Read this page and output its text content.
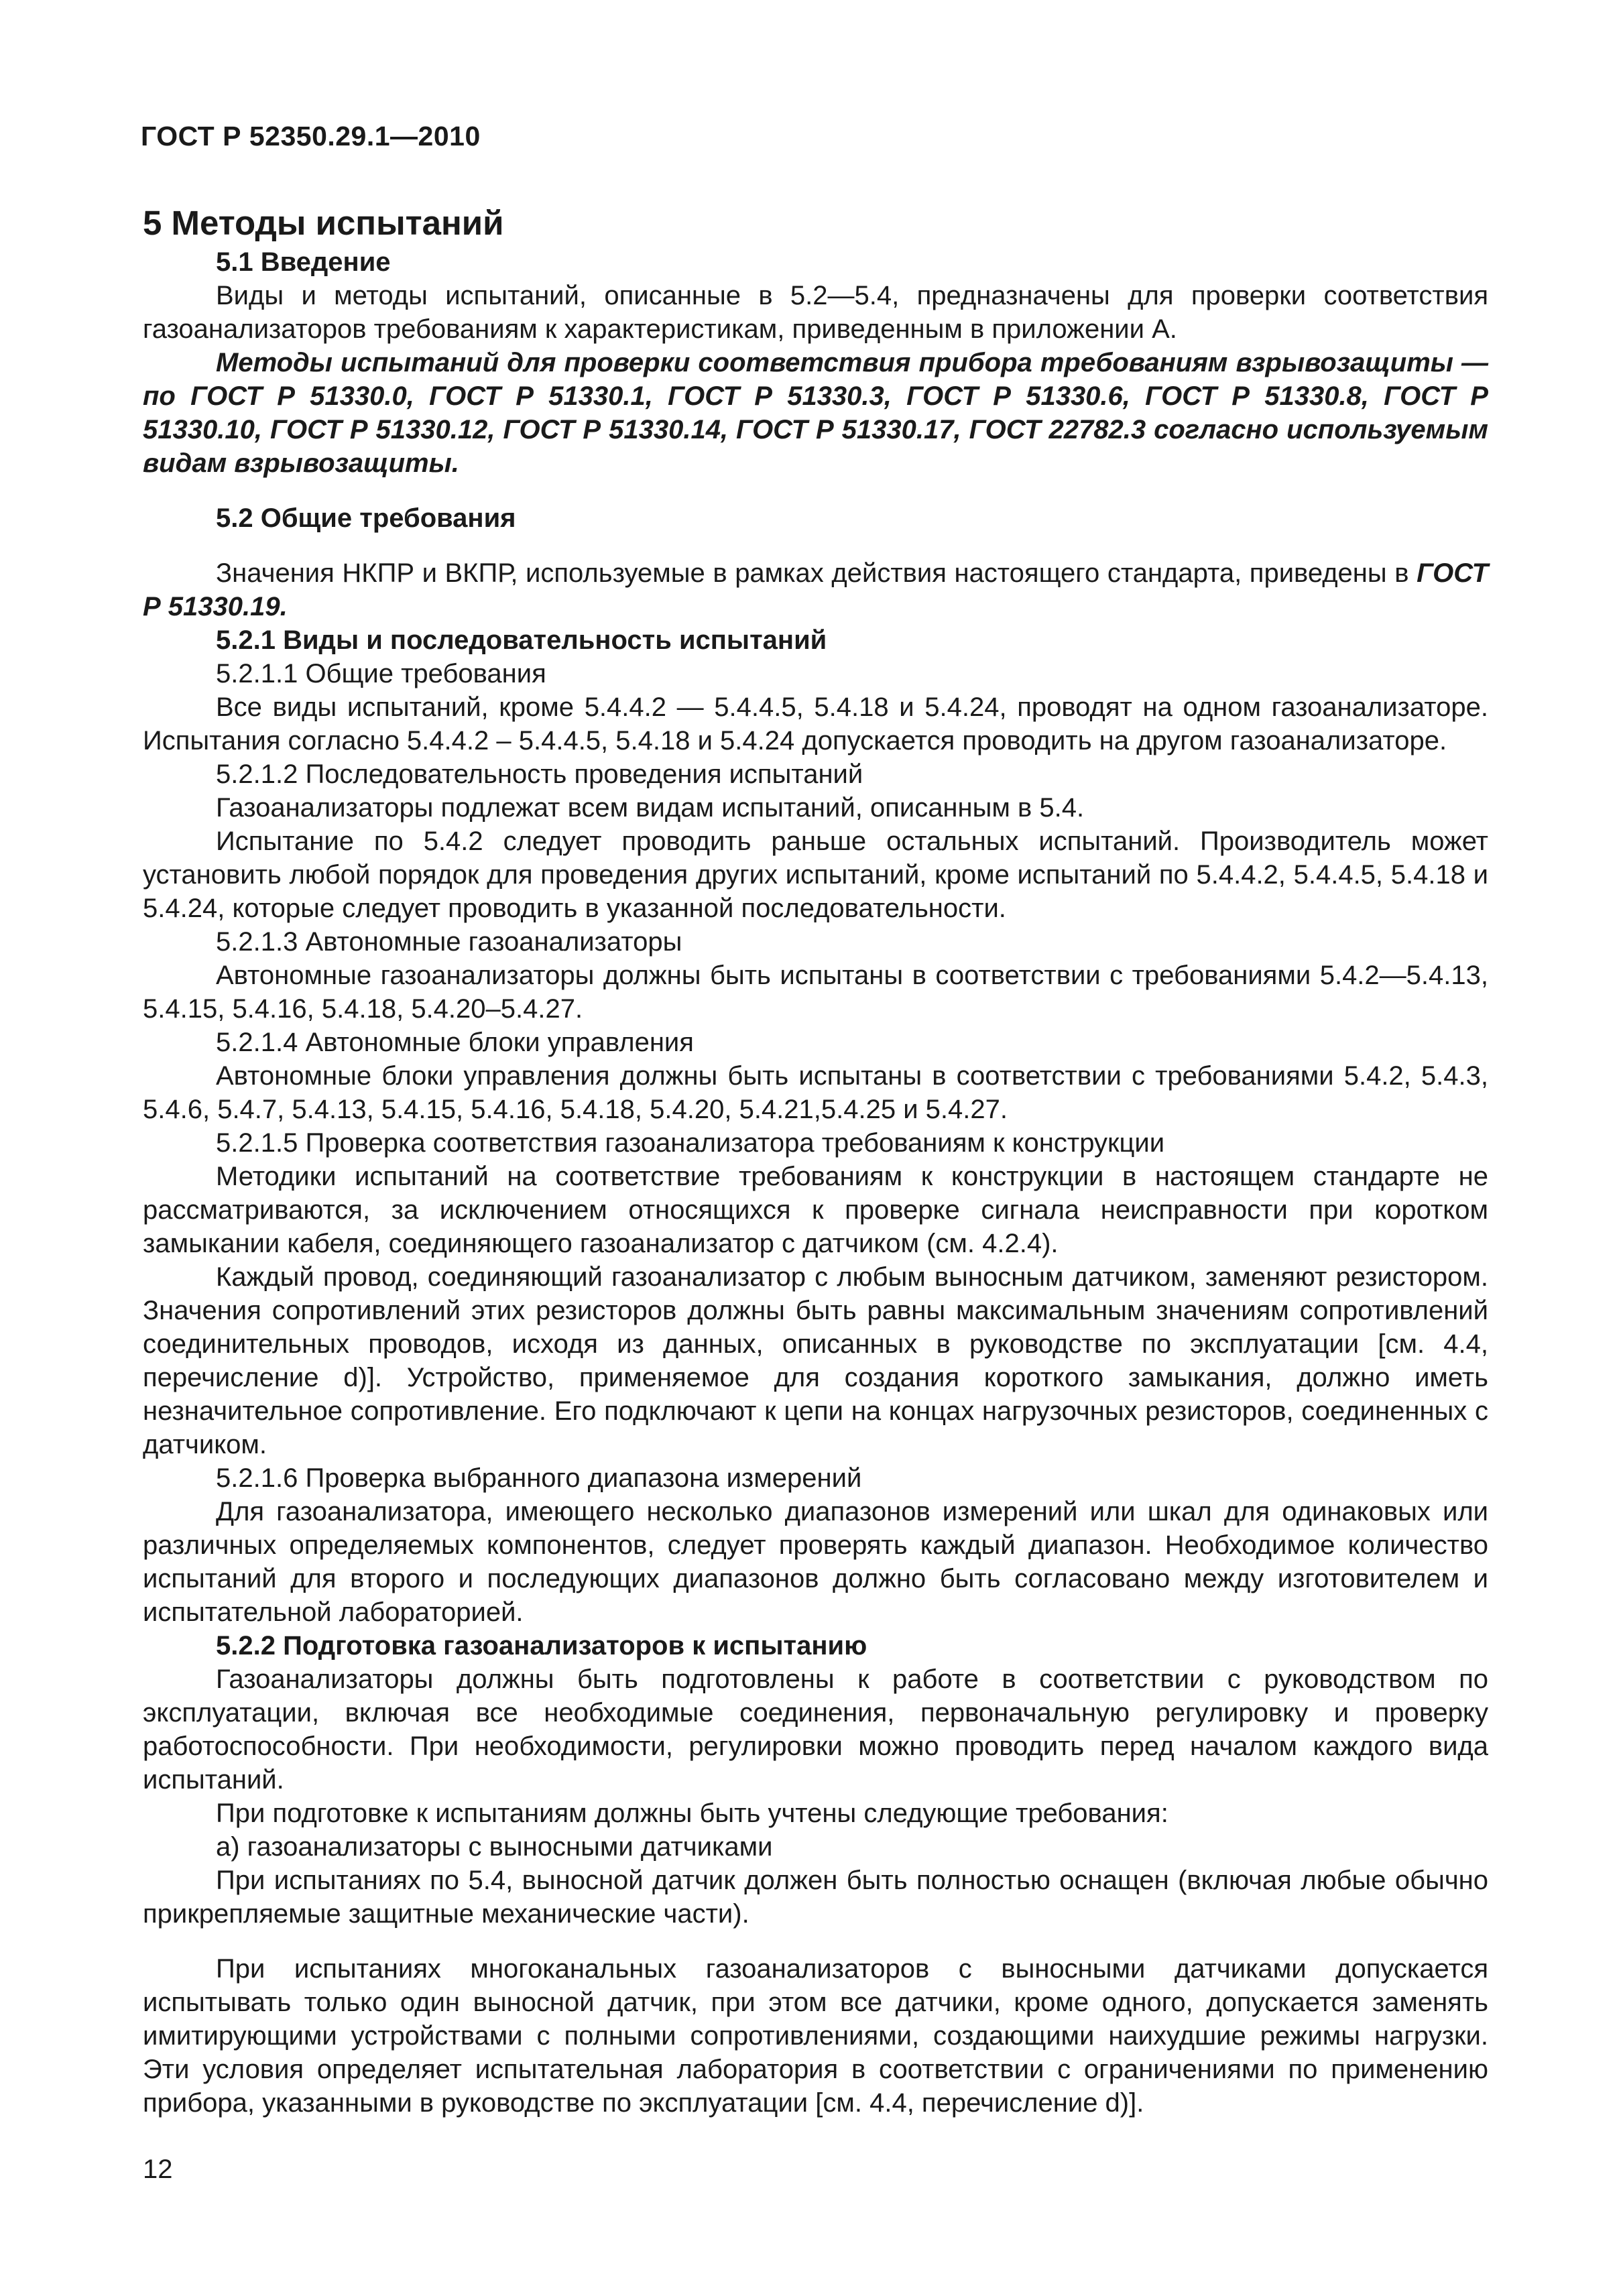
ГОСТ Р 52350.29.1—2010

5 Методы испытаний

5.1 Введение

Виды и методы испытаний, описанные в 5.2—5.4, предназначены для проверки соответствия газоанализаторов требованиям к характеристикам, приведенным в приложении А.

Методы испытаний для проверки соответствия прибора требованиям взрывозащиты — по ГОСТ Р 51330.0, ГОСТ Р 51330.1, ГОСТ Р 51330.3, ГОСТ Р 51330.6, ГОСТ Р 51330.8, ГОСТ Р 51330.10, ГОСТ Р 51330.12, ГОСТ Р 51330.14, ГОСТ Р 51330.17, ГОСТ 22782.3 согласно используемым видам взрывозащиты.

5.2 Общие требования

Значения НКПР и ВКПР, используемые в рамках действия настоящего стандарта, приведены в ГОСТ Р 51330.19.

5.2.1 Виды и последовательность испытаний

5.2.1.1 Общие требования

Все виды испытаний, кроме 5.4.4.2 — 5.4.4.5, 5.4.18 и 5.4.24, проводят на одном газоанализаторе. Испытания согласно 5.4.4.2 – 5.4.4.5, 5.4.18 и 5.4.24 допускается проводить на другом газоанализаторе.

5.2.1.2 Последовательность проведения испытаний

Газоанализаторы подлежат всем видам испытаний, описанным в 5.4.

Испытание по 5.4.2 следует проводить раньше остальных испытаний. Производитель может установить любой порядок для проведения других испытаний, кроме испытаний по 5.4.4.2, 5.4.4.5, 5.4.18 и 5.4.24, которые следует проводить в указанной последовательности.

5.2.1.3 Автономные газоанализаторы

Автономные газоанализаторы должны быть испытаны в соответствии с требованиями 5.4.2—5.4.13, 5.4.15, 5.4.16, 5.4.18, 5.4.20–5.4.27.

5.2.1.4 Автономные блоки управления

Автономные блоки управления должны быть испытаны в соответствии с требованиями 5.4.2, 5.4.3, 5.4.6, 5.4.7, 5.4.13, 5.4.15, 5.4.16, 5.4.18, 5.4.20, 5.4.21,5.4.25 и 5.4.27.

5.2.1.5 Проверка соответствия газоанализатора требованиям к конструкции

Методики испытаний на соответствие требованиям к конструкции в настоящем стандарте не рассматриваются, за исключением относящихся к проверке сигнала неисправности при коротком замыкании кабеля, соединяющего газоанализатор с датчиком (см. 4.2.4).

Каждый провод, соединяющий газоанализатор с любым выносным датчиком, заменяют резистором. Значения сопротивлений этих резисторов должны быть равны максимальным значениям сопротивлений соединительных проводов, исходя из данных, описанных в руководстве по эксплуатации [см. 4.4, перечисление d)]. Устройство, применяемое для создания короткого замыкания, должно иметь незначительное сопротивление. Его подключают к цепи на концах нагрузочных резисторов, соединенных с датчиком.

5.2.1.6 Проверка выбранного диапазона измерений

Для газоанализатора, имеющего несколько диапазонов измерений или шкал для одинаковых или различных определяемых компонентов, следует проверять каждый диапазон. Необходимое количество испытаний для второго и последующих диапазонов должно быть согласовано между изготовителем и испытательной лабораторией.

5.2.2 Подготовка газоанализаторов к испытанию

Газоанализаторы должны быть подготовлены к работе в соответствии с руководством по эксплуатации, включая все необходимые соединения, первоначальную регулировку и проверку работоспособности. При необходимости, регулировки можно проводить перед началом каждого вида испытаний.

При подготовке к испытаниям должны быть учтены следующие требования:

а) газоанализаторы с выносными датчиками

При испытаниях по 5.4, выносной датчик должен быть полностью оснащен (включая любые обычно прикрепляемые защитные механические части).

При испытаниях многоканальных газоанализаторов с выносными датчиками допускается испытывать только один выносной датчик, при этом все датчики, кроме одного, допускается заменять имитирующими устройствами с полными сопротивлениями, создающими наихудшие режимы нагрузки. Эти условия определяет испытательная лаборатория в соответствии с ограничениями по применению прибора, указанными в руководстве по эксплуатации [см. 4.4, перечисление d)].

12
